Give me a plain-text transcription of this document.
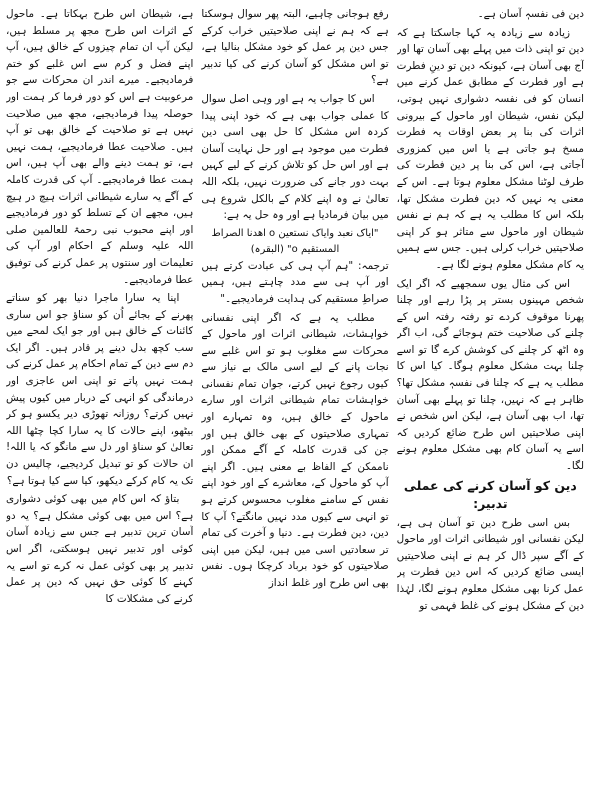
دین فی نفسہٖ آسان ہے۔

زیادہ سے زیادہ یہ کہا جاسکتا ہے کہ دین تو اپنی ذات میں پہلے بھی آسان تھا اور آج بھی آسان ہے، کیونکہ دین تو دینِ فطرت ہے اور فطرت کے مطابق عمل کرنے میں انسان کو فی نفسہ دشواری نہیں ہوتی، لیکن نفس، شیطان اور ماحول کے بیرونی اثرات کی بنا پر بعض اوقات یہ فطرت مسخ ہو جاتی ہے یا اس میں کمزوری آجاتی ہے، اس کی بنا پر دین فطرت کی طرف لوٹنا مشکل معلوم ہوتا ہے۔ اس کے معنی یہ نہیں کہ دین فطرت مشکل تھا، بلکہ اس کا مطلب یہ ہے کہ ہم نے نفس شیطان اور ماحول سے متاثر ہو کر اپنی صلاحیتیں خراب کرلی ہیں۔ جس سے ہمیں یہ کام مشکل معلوم ہونے لگا ہے۔

اس کی مثال یوں سمجھیے کہ اگر ایک شخص مہینوں بستر پر پڑا رہے اور چلنا پھرنا موقوف کردے تو رفتہ رفتہ اس کے چلنے کی صلاحیت ختم ہوجائے گی، اب اگر وہ اٹھ کر چلنے کی کوشش کرے گا تو اسے چلنا بہت مشکل معلوم ہوگا۔ کیا اس کا مطلب یہ ہے کہ چلنا فی نفسہٖ مشکل تھا؟ ظاہر ہے کہ نہیں، چلنا تو پہلے بھی آسان تھا، اب بھی آسان ہے، لیکن اس شخص نے اپنی صلاحیتیں اس طرح ضائع کردیں کہ اسے یہ آسان کام بھی مشکل معلوم ہونے لگا۔

دین کو آسان کرنے کی عملی تدبیر:

بس اسی طرح دین تو آسان ہی ہے، لیکن نفسانی اور شیطانی اثرات اور ماحول کے آگے سپر ڈال کر ہم نے اپنی صلاحیتیں ایسی ضائع کردیں کہ اس دین فطرت پر عمل کرنا بھی مشکل معلوم ہونے لگا، لہٰذا دین کے مشکل ہونے کی غلط فہمی تو

رفع ہوجانی چاہیے، البتہ پھر سوال ہوسکتا ہے کہ ہم نے اپنی صلاحیتیں خراب کرکے جس دین پر عمل کو خود مشکل بنالیا ہے، تو اس مشکل کو آسان کرنے کی کیا تدبیر ہے؟

اس کا جواب یہ ہے اور وہی اصل سوال کا عملی جواب بھی ہے کہ خود اپنی پیدا کردہ اس مشکل کا حل بھی اسی دین فطرت میں موجود ہے اور حل نہایت آسان ہے اور اس حل کو تلاش کرنے کے لیے کہیں بہت دور جانے کی ضرورت نہیں، بلکہ اللہ تعالیٰ نے وہ اپنے کلام کے بالکل شروع ہی میں بیان فرمادیا ہے اور وہ حل یہ ہے:

"ایاک نعبد وایاک نستعین o اھدنا الصراط المستقیم o" (البقرہ)

ترجمہ: "ہم آپ ہی کی عبادت کرتے ہیں اور آپ ہی سے مدد چاہتے ہیں، ہمیں صراطِ مستقیم کی ہدایت فرمادیجیے۔"

مطلب یہ ہے کہ اگر اپنی نفسانی خواہشات، شیطانی اثرات اور ماحول کے محرکات سے مغلوب ہو تو اس غلبے سے نجات پانے کے لیے اسی مالک بے نیاز سے کیوں رجوع نہیں کرتے، جوان تمام نفسانی خواہشات تمام شیطانی اثرات اور سارے ماحول کے خالق ہیں، وہ تمہارے اور تمہاری صلاحیتوں کے بھی خالق ہیں اور جن کی قدرت کاملہ کے آگے ممکن اور ناممکن کے الفاظ بے معنی ہیں۔ اگر اپنے آپ کو ماحول کے، معاشرے کے اور خود اپنے نفس کے سامنے مغلوب محسوس کرتے ہو تو انہی سے کیوں مدد نہیں مانگتے؟ آپ کا دین، دین فطرت ہے۔ دنیا و آخرت کی تمام تر سعادتیں اسی میں ہیں، لیکن میں اپنی صلاحیتوں کو خود برباد کرچکا ہوں۔ نفس بھی اس طرح اور غلط انداز

ہے، شیطان اس طرح بہکاتا ہے۔ ماحول کے اثرات اس طرح مجھ پر مسلط ہیں، لیکن آپ ان تمام چیزوں کے خالق ہیں، آپ اپنے فضل و کرم سے اس غلبے کو ختم فرمادیجیے۔ میرے اندر ان محرکات سے جو مرعوبیت ہے اس کو دور فرما کر ہمت اور حوصلہ پیدا فرمادیجیے، مجھ میں صلاحیت نہیں ہے تو صلاحیت کے خالق بھی تو آپ ہیں۔ صلاحیت عطا فرمادیجیے، ہمت نہیں ہے، تو ہمت دینے والے بھی آپ ہیں، اس ہمت عطا فرمادیجیے۔ آپ کی قدرت کاملہ کے آگے یہ سارے شیطانی اثرات ہیچ در ہیچ ہیں، مجھے ان کے تسلط کو دور فرمادیجیے اور اپنے محبوب نبی رحمۃ للعالمین صلی اللہ علیہ وسلم کے احکام اور آپ کی تعلیمات اور سنتوں پر عمل کرنے کی توفیق عطا فرمادیجیے۔

اپنا یہ سارا ماجرا دنیا بھر کو سناتے پھرنے کے بجائے اُن کو سناؤ جو اس ساری کائنات کے خالق ہیں اور جو ایک لمحے میں سب کچھ بدل دینے پر قادر ہیں۔ اگر ایک دم سے دین کے تمام احکام پر عمل کرنے کی ہمت نہیں پاتے تو اپنی اس عاجزی اور درماندگی کو انہی کے دربار میں کیوں پیش نہیں کرتے؟ روزانہ تھوڑی دیر یکسو ہو کر بیٹھو، اپنے حالات کا یہ سارا کچا چٹھا اللہ تعالیٰ کو سناؤ اور دل سے مانگو کہ یا اللہ! ان حالات کو تو تبدیل کردیجیے، چالیس دن تک یہ کام کرکے دیکھو، کیا سے کیا ہوتا ہے؟

بتاؤ کہ اس کام میں بھی کوئی دشواری ہے؟ اس میں بھی کوئی مشکل ہے؟ یہ دو آسان ترین تدبیر ہے جس سے زیادہ آسان کوئی اور تدبیر نہیں ہوسکتی، اگر اس تدبیر پر بھی کوئی عمل نہ کرے تو اسے یہ کہنے کا کوئی حق نہیں کہ دین پر عمل کرنے کی مشکلات کا
